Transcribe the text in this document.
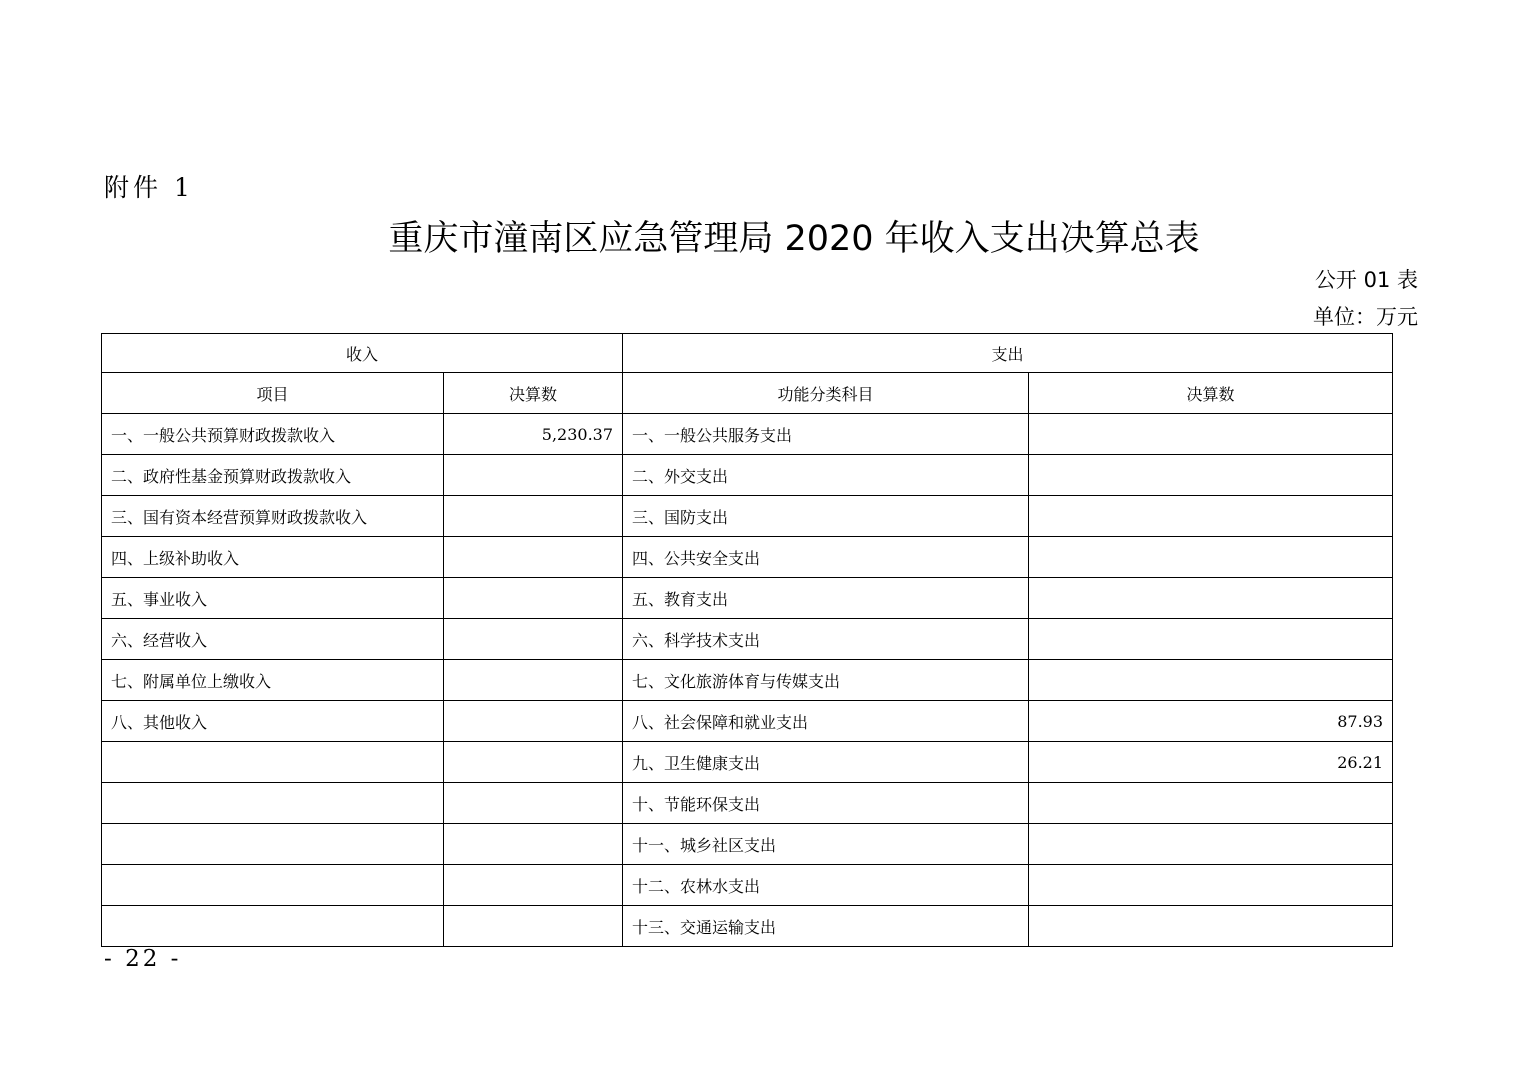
附件 1
重庆市潼南区应急管理局 2020 年收入支出决算总表
公开 01 表
单位：万元
收入		支出	
项目	决算数	功能分类科目	决算数
一、一般公共预算财政拨款收入	5,230.37	一、一般公共服务支出	
二、政府性基金预算财政拨款收入		二、外交支出	
三、国有资本经营预算财政拨款收入		三、国防支出	
四、上级补助收入		四、公共安全支出	
五、事业收入		五、教育支出	
六、经营收入		六、科学技术支出	
七、附属单位上缴收入		七、文化旅游体育与传媒支出	
八、其他收入		八、社会保障和就业支出	87.93
		九、卫生健康支出	26.21
		十、节能环保支出	
		十一、城乡社区支出	
		十二、农林水支出	
		十三、交通运输支出	
- 22 -
